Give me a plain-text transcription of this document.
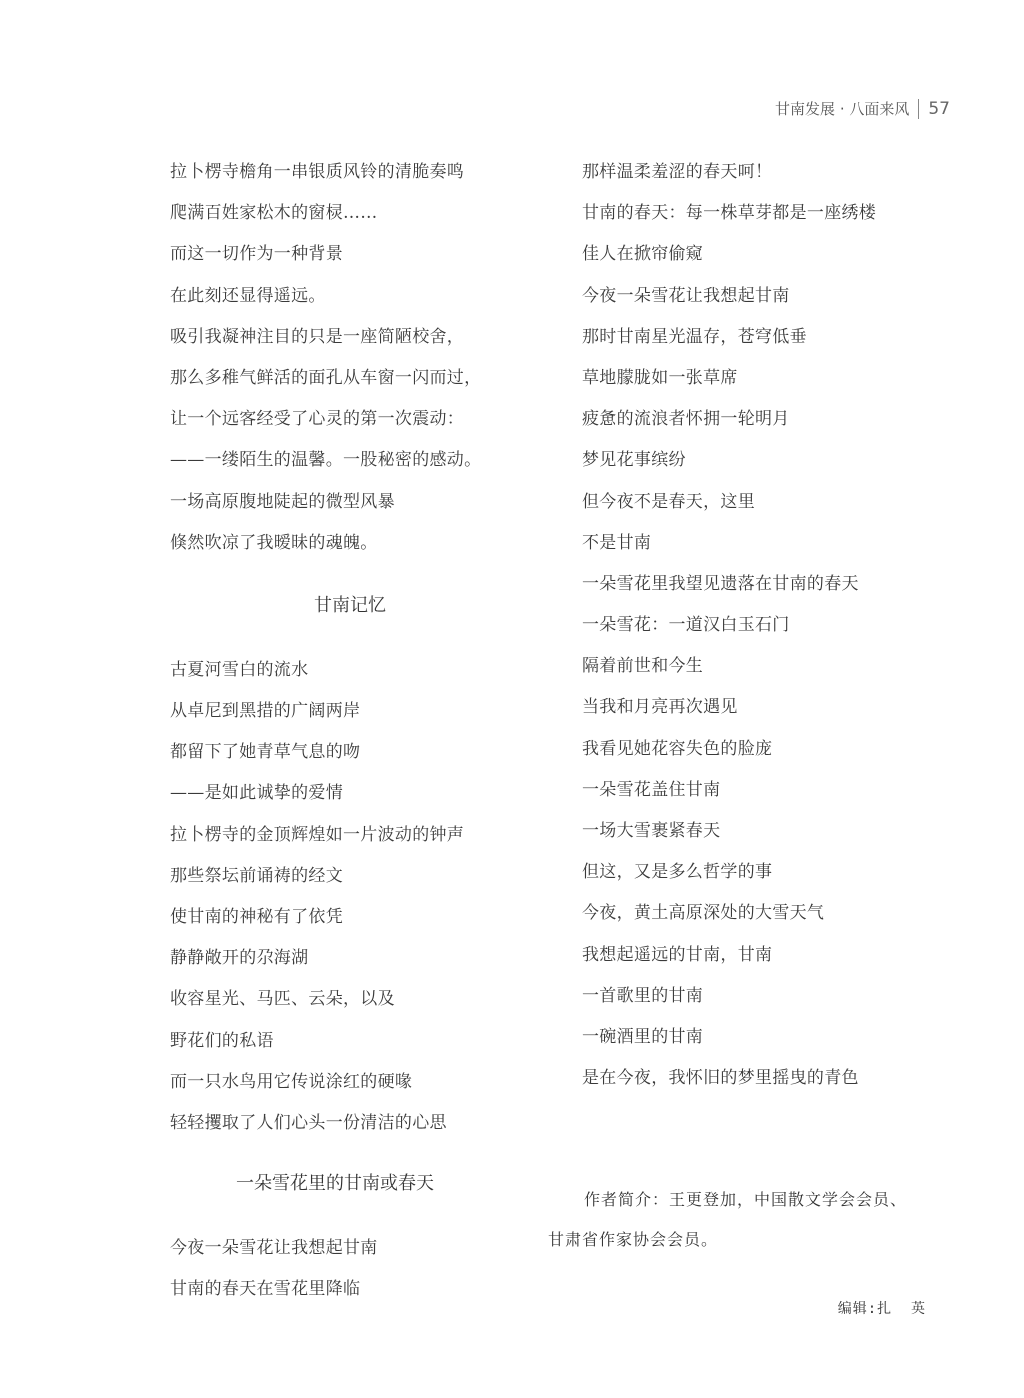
甘南发展 · 八面来风 57
拉卜楞寺檐角一串银质风铃的清脆奏鸣
爬满百姓家松木的窗棂……
而这一切作为一种背景
在此刻还显得遥远。
吸引我凝神注目的只是一座简陋校舍，
那么多稚气鲜活的面孔从车窗一闪而过，
让一个远客经受了心灵的第一次震动：
——一缕陌生的温馨。一股秘密的感动。
一场高原腹地陡起的微型风暴
倏然吹凉了我暧昧的魂魄。
甘南记忆
古夏河雪白的流水
从卓尼到黑措的广阔两岸
都留下了她青草气息的吻
——是如此诚挚的爱情
拉卜楞寺的金顶辉煌如一片波动的钟声
那些祭坛前诵祷的经文
使甘南的神秘有了依凭
静静敞开的尕海湖
收容星光、马匹、云朵，以及
野花们的私语
而一只水鸟用它传说涂红的硬喙
轻轻攫取了人们心头一份清洁的心思
一朵雪花里的甘南或春天
今夜一朵雪花让我想起甘南
甘南的春天在雪花里降临
那样温柔羞涩的春天呵！
甘南的春天：每一株草芽都是一座绣楼
佳人在掀帘偷窥
今夜一朵雪花让我想起甘南
那时甘南星光温存，苍穹低垂
草地朦胧如一张草席
疲惫的流浪者怀拥一轮明月
梦见花事缤纷
但今夜不是春天，这里
不是甘南
一朵雪花里我望见遗落在甘南的春天
一朵雪花：一道汉白玉石门
隔着前世和今生
当我和月亮再次遇见
我看见她花容失色的脸庞
一朵雪花盖住甘南
一场大雪裹紧春天
但这，又是多么哲学的事
今夜，黄土高原深处的大雪天气
我想起遥远的甘南，甘南
一首歌里的甘南
一碗酒里的甘南
是在今夜，我怀旧的梦里摇曳的青色
作者简介：王更登加，中国散文学会会员、
甘肃省作家协会会员。
编辑:扎  英
